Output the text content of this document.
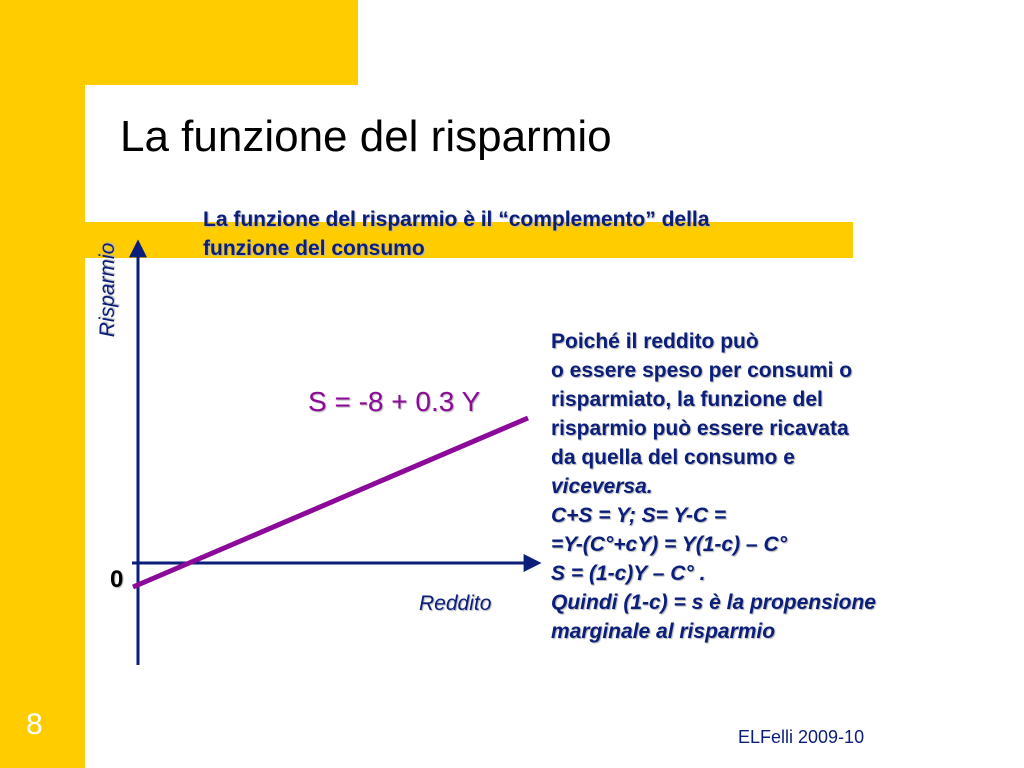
La funzione del risparmio
La funzione del risparmio è il “complemento” della
funzione del consumo
Risparmio
S = -8 + 0.3 Y
0
Reddito
Poiché il reddito può
o essere speso per consumi o
risparmiato, la funzione del
risparmio può essere ricavata
da quella del consumo e
viceversa.
C+S = Y; S= Y-C =
=Y-(C°+cY) = Y(1-c) – C°
S = (1-c)Y – C° .
Quindi (1-c) = s è la propensione
marginale al risparmio
8	ELFelli 2009-10
